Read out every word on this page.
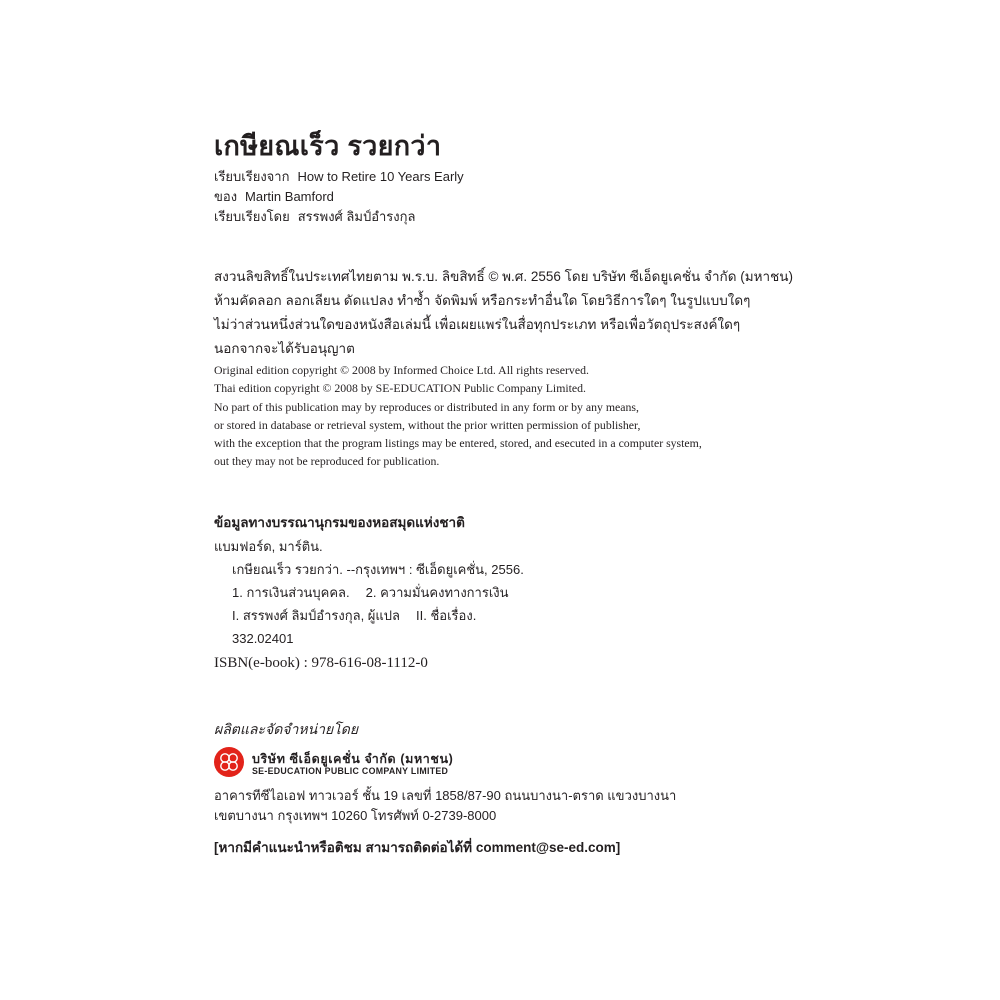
เกษียณเร็ว รวยกว่า
เรียบเรียงจาก How to Retire 10 Years Early
ของ Martin Bamford
เรียบเรียงโดย สรรพงศ์ ลิมป์อำรงกุล
สงวนลิขสิทธิ์ในประเทศไทยตาม พ.ร.บ. ลิขสิทธิ์ © พ.ศ. 2556 โดย บริษัท ซีเอ็ดยูเคชั่น จำกัด (มหาชน)
ห้ามคัดลอก ลอกเลียน ดัดแปลง ทำซ้ำ จัดพิมพ์ หรือกระทำอื่นใด โดยวิธีการใดๆ ในรูปแบบใดๆ
ไม่ว่าส่วนหนึ่งส่วนใดของหนังสือเล่มนี้ เพื่อเผยแพร่ในสื่อทุกประเภท หรือเพื่อวัตถุประสงค์ใดๆ
นอกจากจะได้รับอนุญาต
Original edition copyright © 2008 by Informed Choice Ltd. All rights reserved.
Thai edition copyright © 2008 by SE-EDUCATION Public Company Limited.
No part of this publication may by reproduces or distributed in any form or by any means,
or stored in database or retrieval system, without the prior written permission of publisher,
with the exception that the program listings may be entered, stored, and esecuted in a computer system,
out they may not be reproduced for publication.
ข้อมูลทางบรรณานุกรมของหอสมุดแห่งชาติ
แบมฟอร์ด, มาร์ติน.
เกษียณเร็ว รวยกว่า. --กรุงเทพฯ : ซีเอ็ดยูเคชั่น, 2556.
1. การเงินส่วนบุคคล. 2. ความมั่นคงทางการเงิน
I. สรรพงศ์ ลิมป์อำรงกุล, ผู้แปล II. ชื่อเรื่อง.
332.02401
ISBN(e-book) : 978-616-08-1112-0
ผลิตและจัดจำหน่ายโดย
บริษัท ซีเอ็ดยูเคชั่น จำกัด (มหาชน)
SE-EDUCATION PUBLIC COMPANY LIMITED
อาคารทีซีไอเอฟ ทาวเวอร์ ชั้น 19 เลขที่ 1858/87-90 ถนนบางนา-ตราด แขวงบางนา
เขตบางนา กรุงเทพฯ 10260 โทรศัพท์ 0-2739-8000
[หากมีคำแนะนำหรือติชม สามารถติดต่อได้ที่ comment@se-ed.com]
